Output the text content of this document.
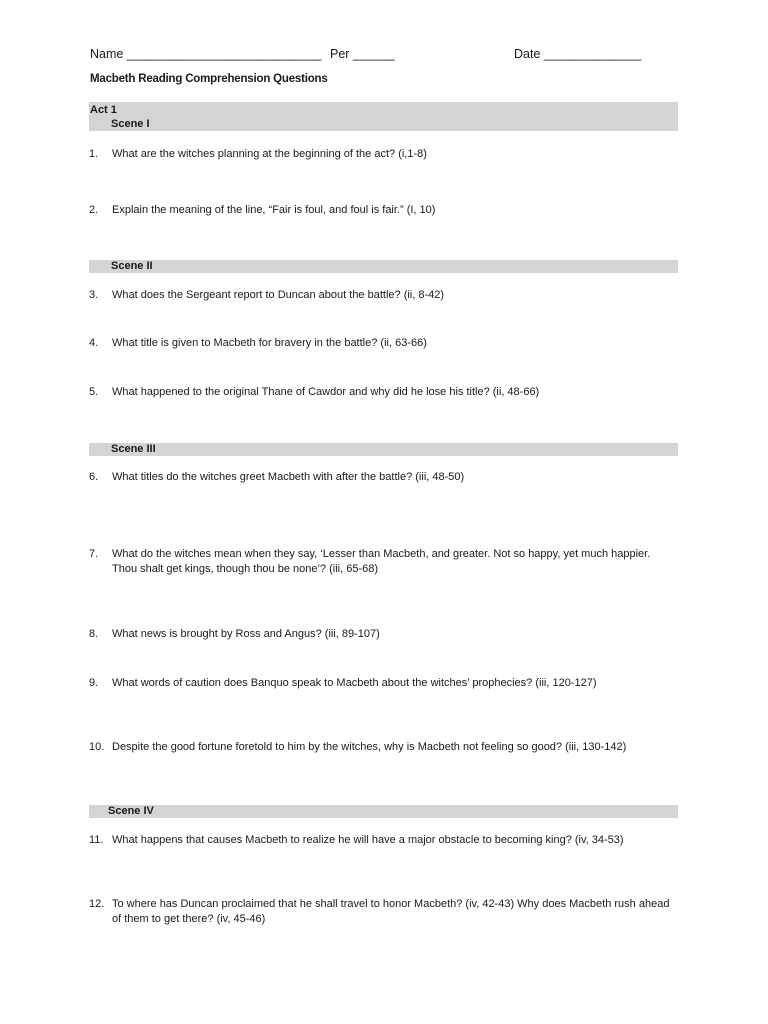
Name ____________________________ Per ______	Date ______________
Macbeth Reading Comprehension Questions
Act 1
Scene I
1. What are the witches planning at the beginning of the act? (i,1-8)
2. Explain the meaning of the line, “Fair is foul, and foul is fair.” (I, 10)
Scene II
3. What does the Sergeant report to Duncan about the battle? (ii, 8-42)
4. What title is given to Macbeth for bravery in the battle? (ii, 63-66)
5. What happened to the original Thane of Cawdor and why did he lose his title? (ii, 48-66)
Scene III
6. What titles do the witches greet Macbeth with after the battle? (iii, 48-50)
7. What do the witches mean when they say, ‘Lesser than Macbeth, and greater. Not so happy, yet much happier. Thou shalt get kings, though thou be none’? (iii, 65-68)
8. What news is brought by Ross and Angus? (iii, 89-107)
9. What words of caution does Banquo speak to Macbeth about the witches’ prophecies? (iii, 120-127)
10. Despite the good fortune foretold to him by the witches, why is Macbeth not feeling so good? (iii, 130-142)
Scene IV
11. What happens that causes Macbeth to realize he will have a major obstacle to becoming king? (iv, 34-53)
12. To where has Duncan proclaimed that he shall travel to honor Macbeth? (iv, 42-43) Why does Macbeth rush ahead of them to get there? (iv, 45-46)
